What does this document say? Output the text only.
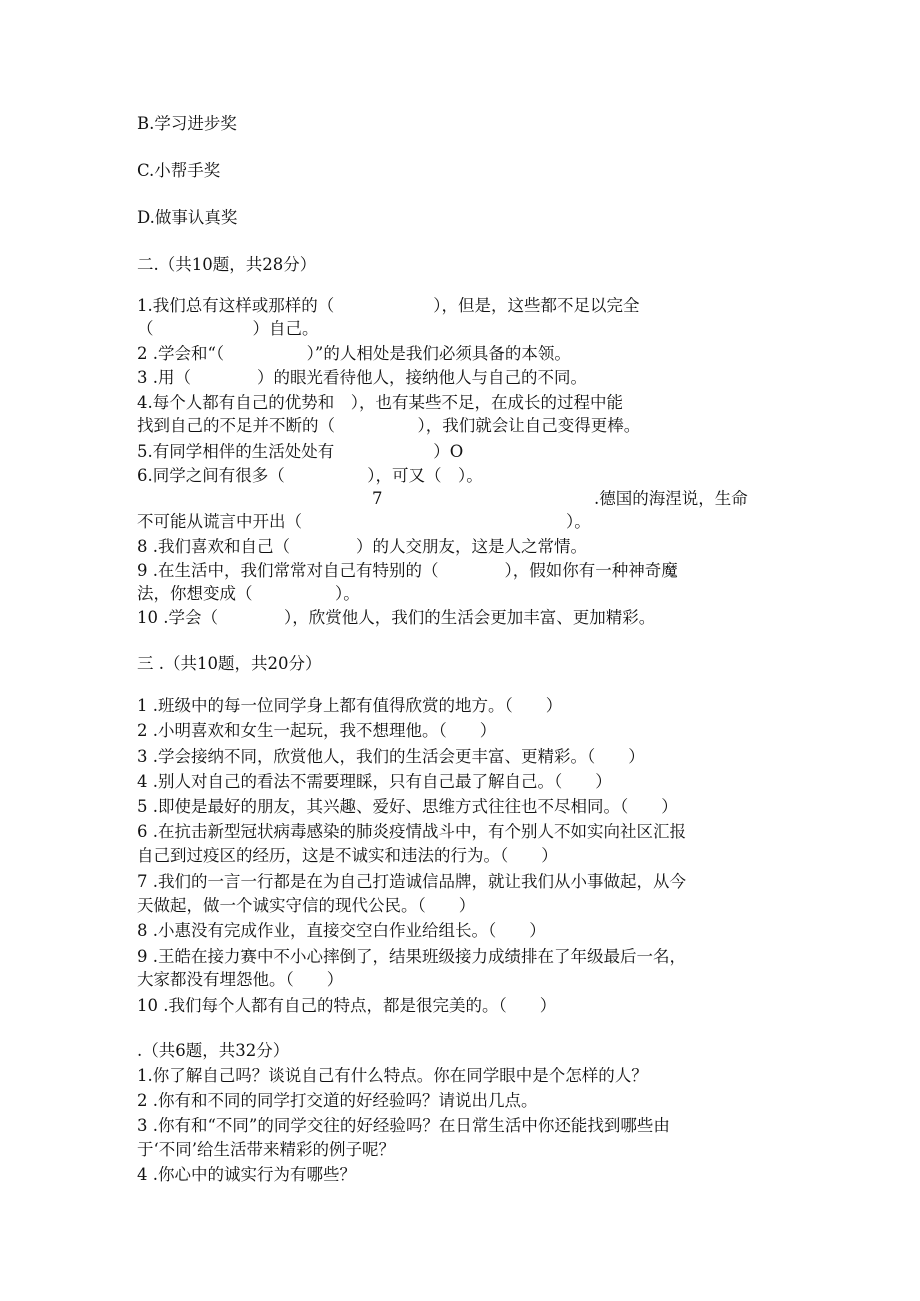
B.学习进步奖
C.小帮手奖
D.做事认真奖
二.（共10题，共28分）
1.我们总有这样或那样的（　　　　　　），但是，这些都不足以完全
（　　　　　　）自己。
2 .学会和“（　　　　　）”的人相处是我们必须具备的本领。
3 .用（　　　　）的眼光看待他人，接纳他人与自己的不同。
4.每个人都有自己的优势和　），也有某些不足，在成长的过程中能
找到自己的不足并不断的（　　　　　），我们就会让自己变得更棒。
5.有同学相伴的生活处处有　　　　　　）O
6.同学之间有很多（　　　　　），可又（　）。
7	.德国的海涅说，生命
不可能从谎言中开出（　　　　　　　　　　　　　　　　）。
8 .我们喜欢和自己（　　　　）的人交朋友，这是人之常情。
9 .在生活中，我们常常对自己有特别的（　　　　），假如你有一种神奇魔
法，你想变成（　　　　　）。
10 .学会（　　　　），欣赏他人，我们的生活会更加丰富、更加精彩。
三 .（共10题，共20分）
1 .班级中的每一位同学身上都有值得欣赏的地方。（　　）
2 .小明喜欢和女生一起玩，我不想理他。（　　）
3 .学会接纳不同，欣赏他人，我们的生活会更丰富、更精彩。（　　）
4 .别人对自己的看法不需要理睬，只有自己最了解自己。（　　）
5 .即使是最好的朋友，其兴趣、爱好、思维方式往往也不尽相同。（　　）
6 .在抗击新型冠状病毒感染的肺炎疫情战斗中，有个别人不如实向社区汇报
自己到过疫区的经历，这是不诚实和违法的行为。（　　）
7 .我们的一言一行都是在为自己打造诚信品牌，就让我们从小事做起，从今
天做起，做一个诚实守信的现代公民。（　　）
8 .小惠没有完成作业，直接交空白作业给组长。（　　）
9 .王皓在接力赛中不小心摔倒了，结果班级接力成绩排在了年级最后一名，
大家都没有埋怨他。（　　）
10 .我们每个人都有自己的特点，都是很完美的。（　　）
.（共6题，共32分）
1.你了解自己吗？谈说自己有什么特点。你在同学眼中是个怎样的人？
2 .你有和不同的同学打交道的好经验吗？请说出几点。
3 .你有和“不同”的同学交往的好经验吗？在日常生活中你还能找到哪些由
于‘不同’给生活带来精彩的例子呢？
4 .你心中的诚实行为有哪些？
